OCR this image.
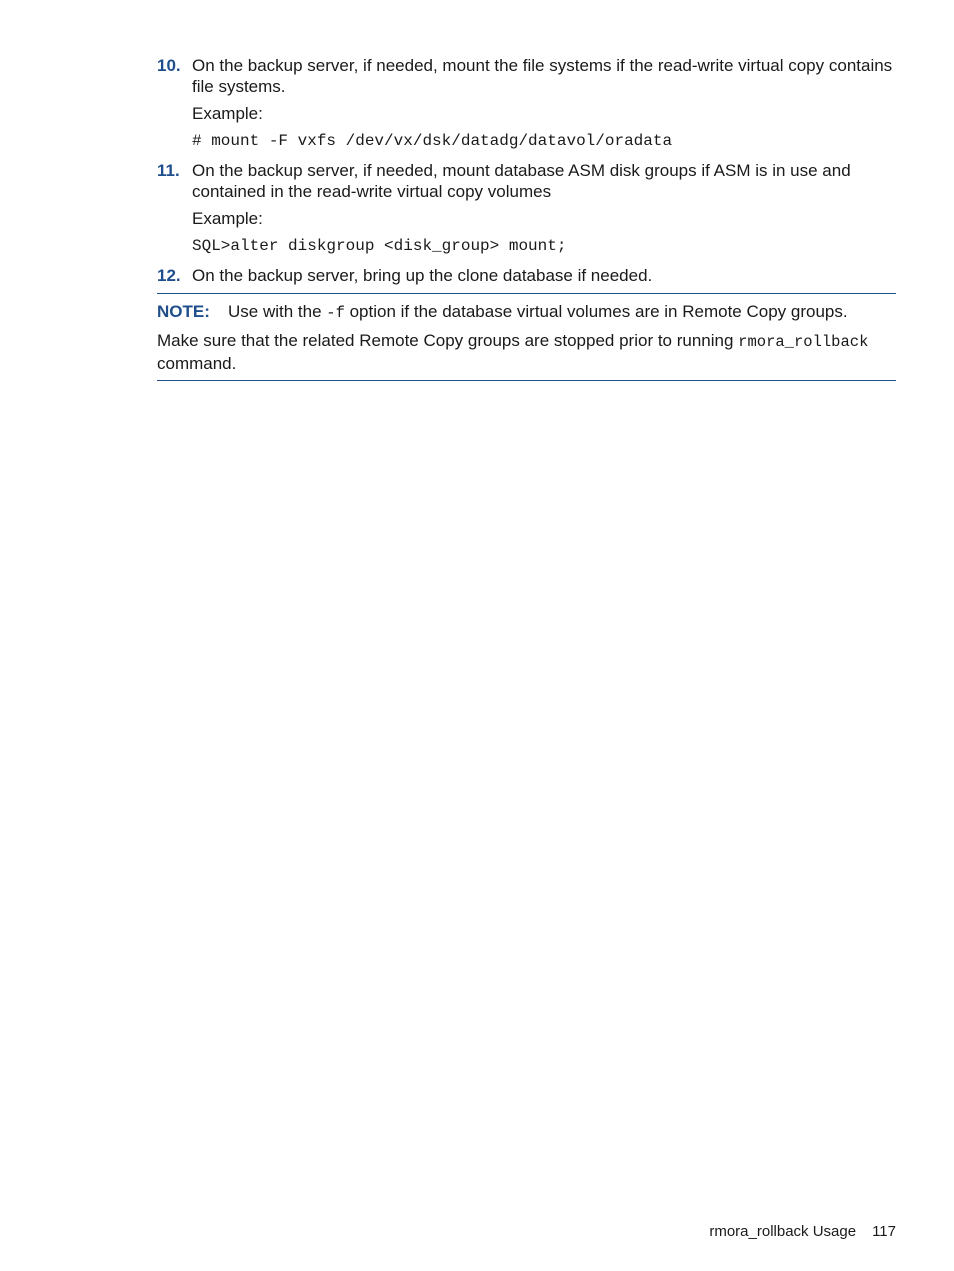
10. On the backup server, if needed, mount the file systems if the read-write virtual copy contains file systems.

Example:

# mount -F vxfs /dev/vx/dsk/datadg/datavol/oradata

11. On the backup server, if needed, mount database ASM disk groups if ASM is in use and contained in the read-write virtual copy volumes

Example:

SQL>alter diskgroup <disk_group> mount;

12. On the backup server, bring up the clone database if needed.

NOTE: Use with the -f option if the database virtual volumes are in Remote Copy groups.

Make sure that the related Remote Copy groups are stopped prior to running rmora_rollback
command.

rmora_rollback Usage 117
